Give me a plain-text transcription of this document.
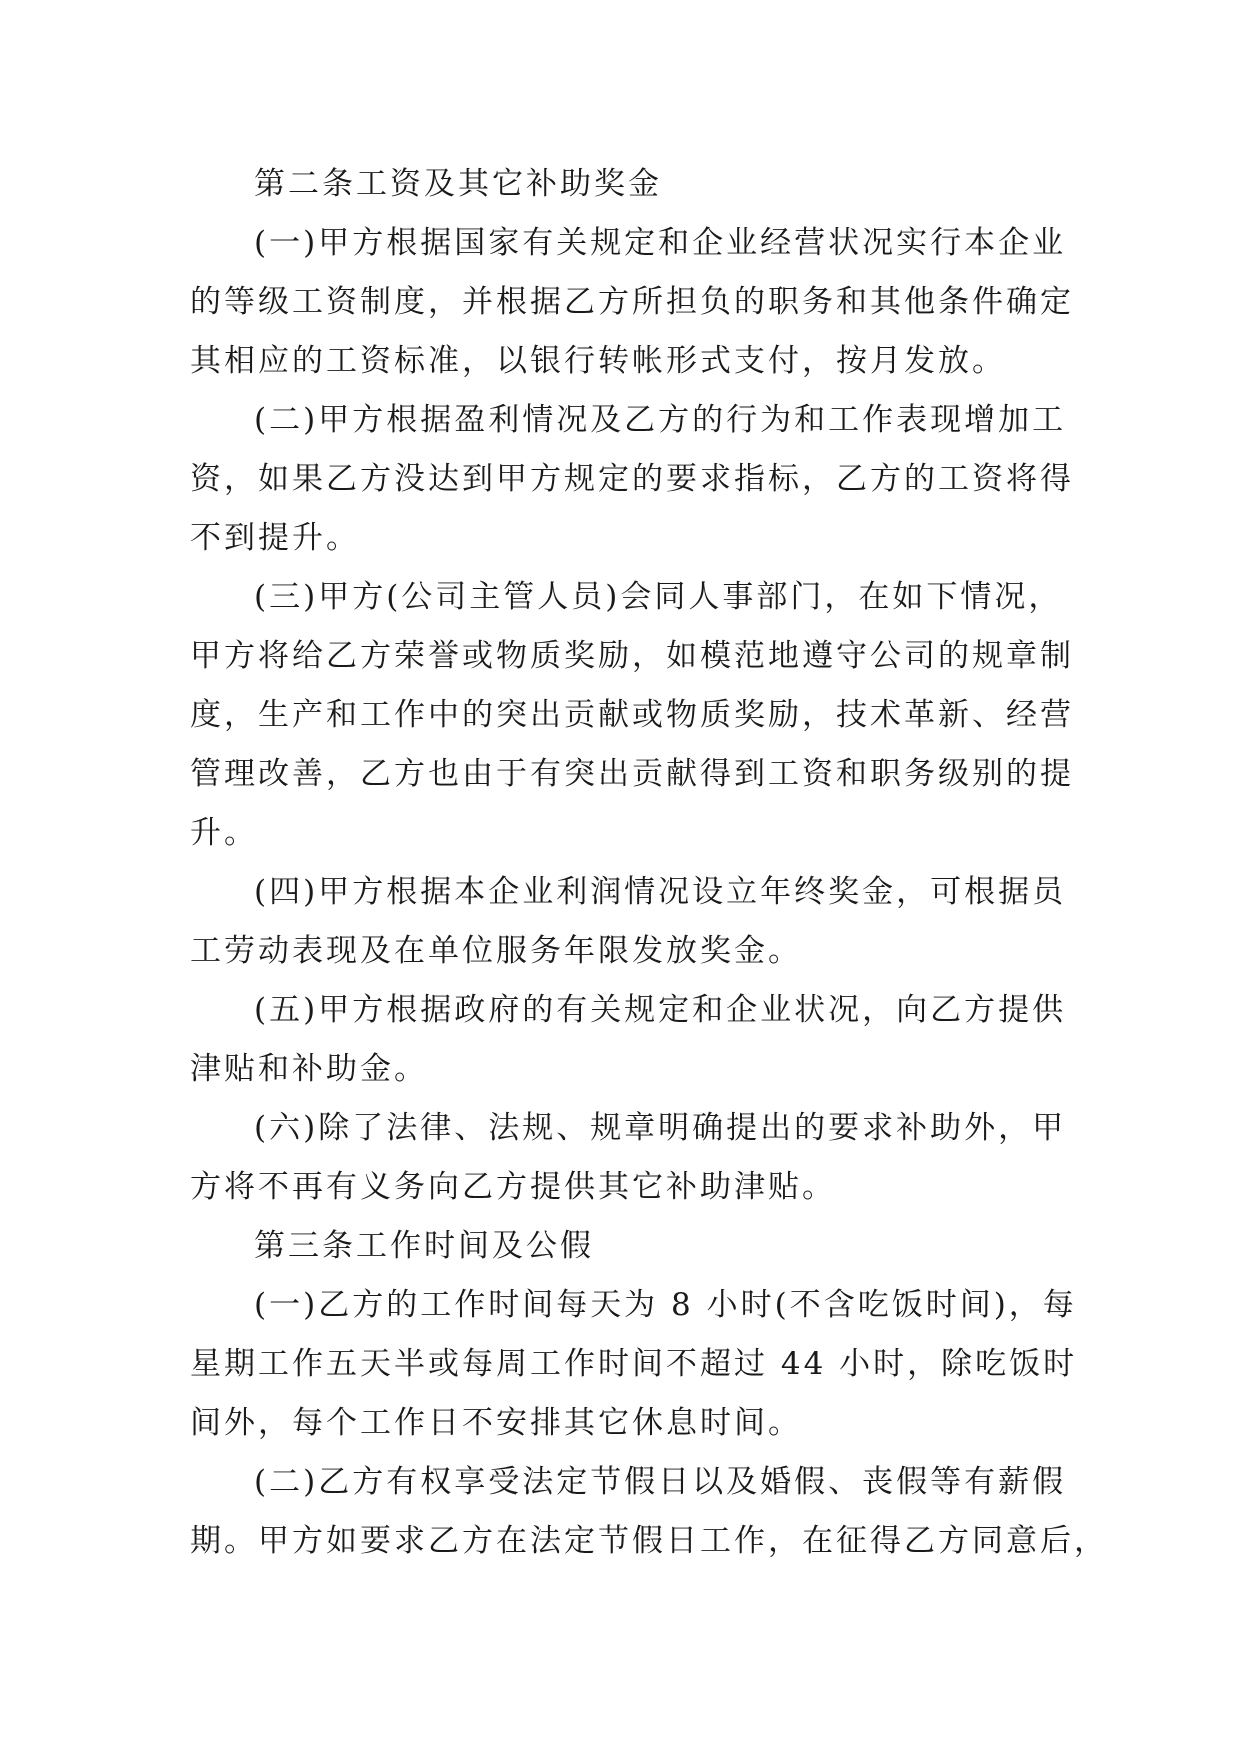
第二条工资及其它补助奖金
(一)甲方根据国家有关规定和企业经营状况实行本企业
的等级工资制度，并根据乙方所担负的职务和其他条件确定
其相应的工资标准，以银行转帐形式支付，按月发放。
(二)甲方根据盈利情况及乙方的行为和工作表现增加工
资，如果乙方没达到甲方规定的要求指标，乙方的工资将得
不到提升。
(三)甲方(公司主管人员)会同人事部门，在如下情况，
甲方将给乙方荣誉或物质奖励，如模范地遵守公司的规章制
度，生产和工作中的突出贡献或物质奖励，技术革新、经营
管理改善，乙方也由于有突出贡献得到工资和职务级别的提
升。
(四)甲方根据本企业利润情况设立年终奖金，可根据员
工劳动表现及在单位服务年限发放奖金。
(五)甲方根据政府的有关规定和企业状况，向乙方提供
津贴和补助金。
(六)除了法律、法规、规章明确提出的要求补助外，甲
方将不再有义务向乙方提供其它补助津贴。
第三条工作时间及公假
(一)乙方的工作时间每天为 8 小时(不含吃饭时间)，每
星期工作五天半或每周工作时间不超过 44 小时，除吃饭时
间外，每个工作日不安排其它休息时间。
(二)乙方有权享受法定节假日以及婚假、丧假等有薪假
期。甲方如要求乙方在法定节假日工作，在征得乙方同意后，
